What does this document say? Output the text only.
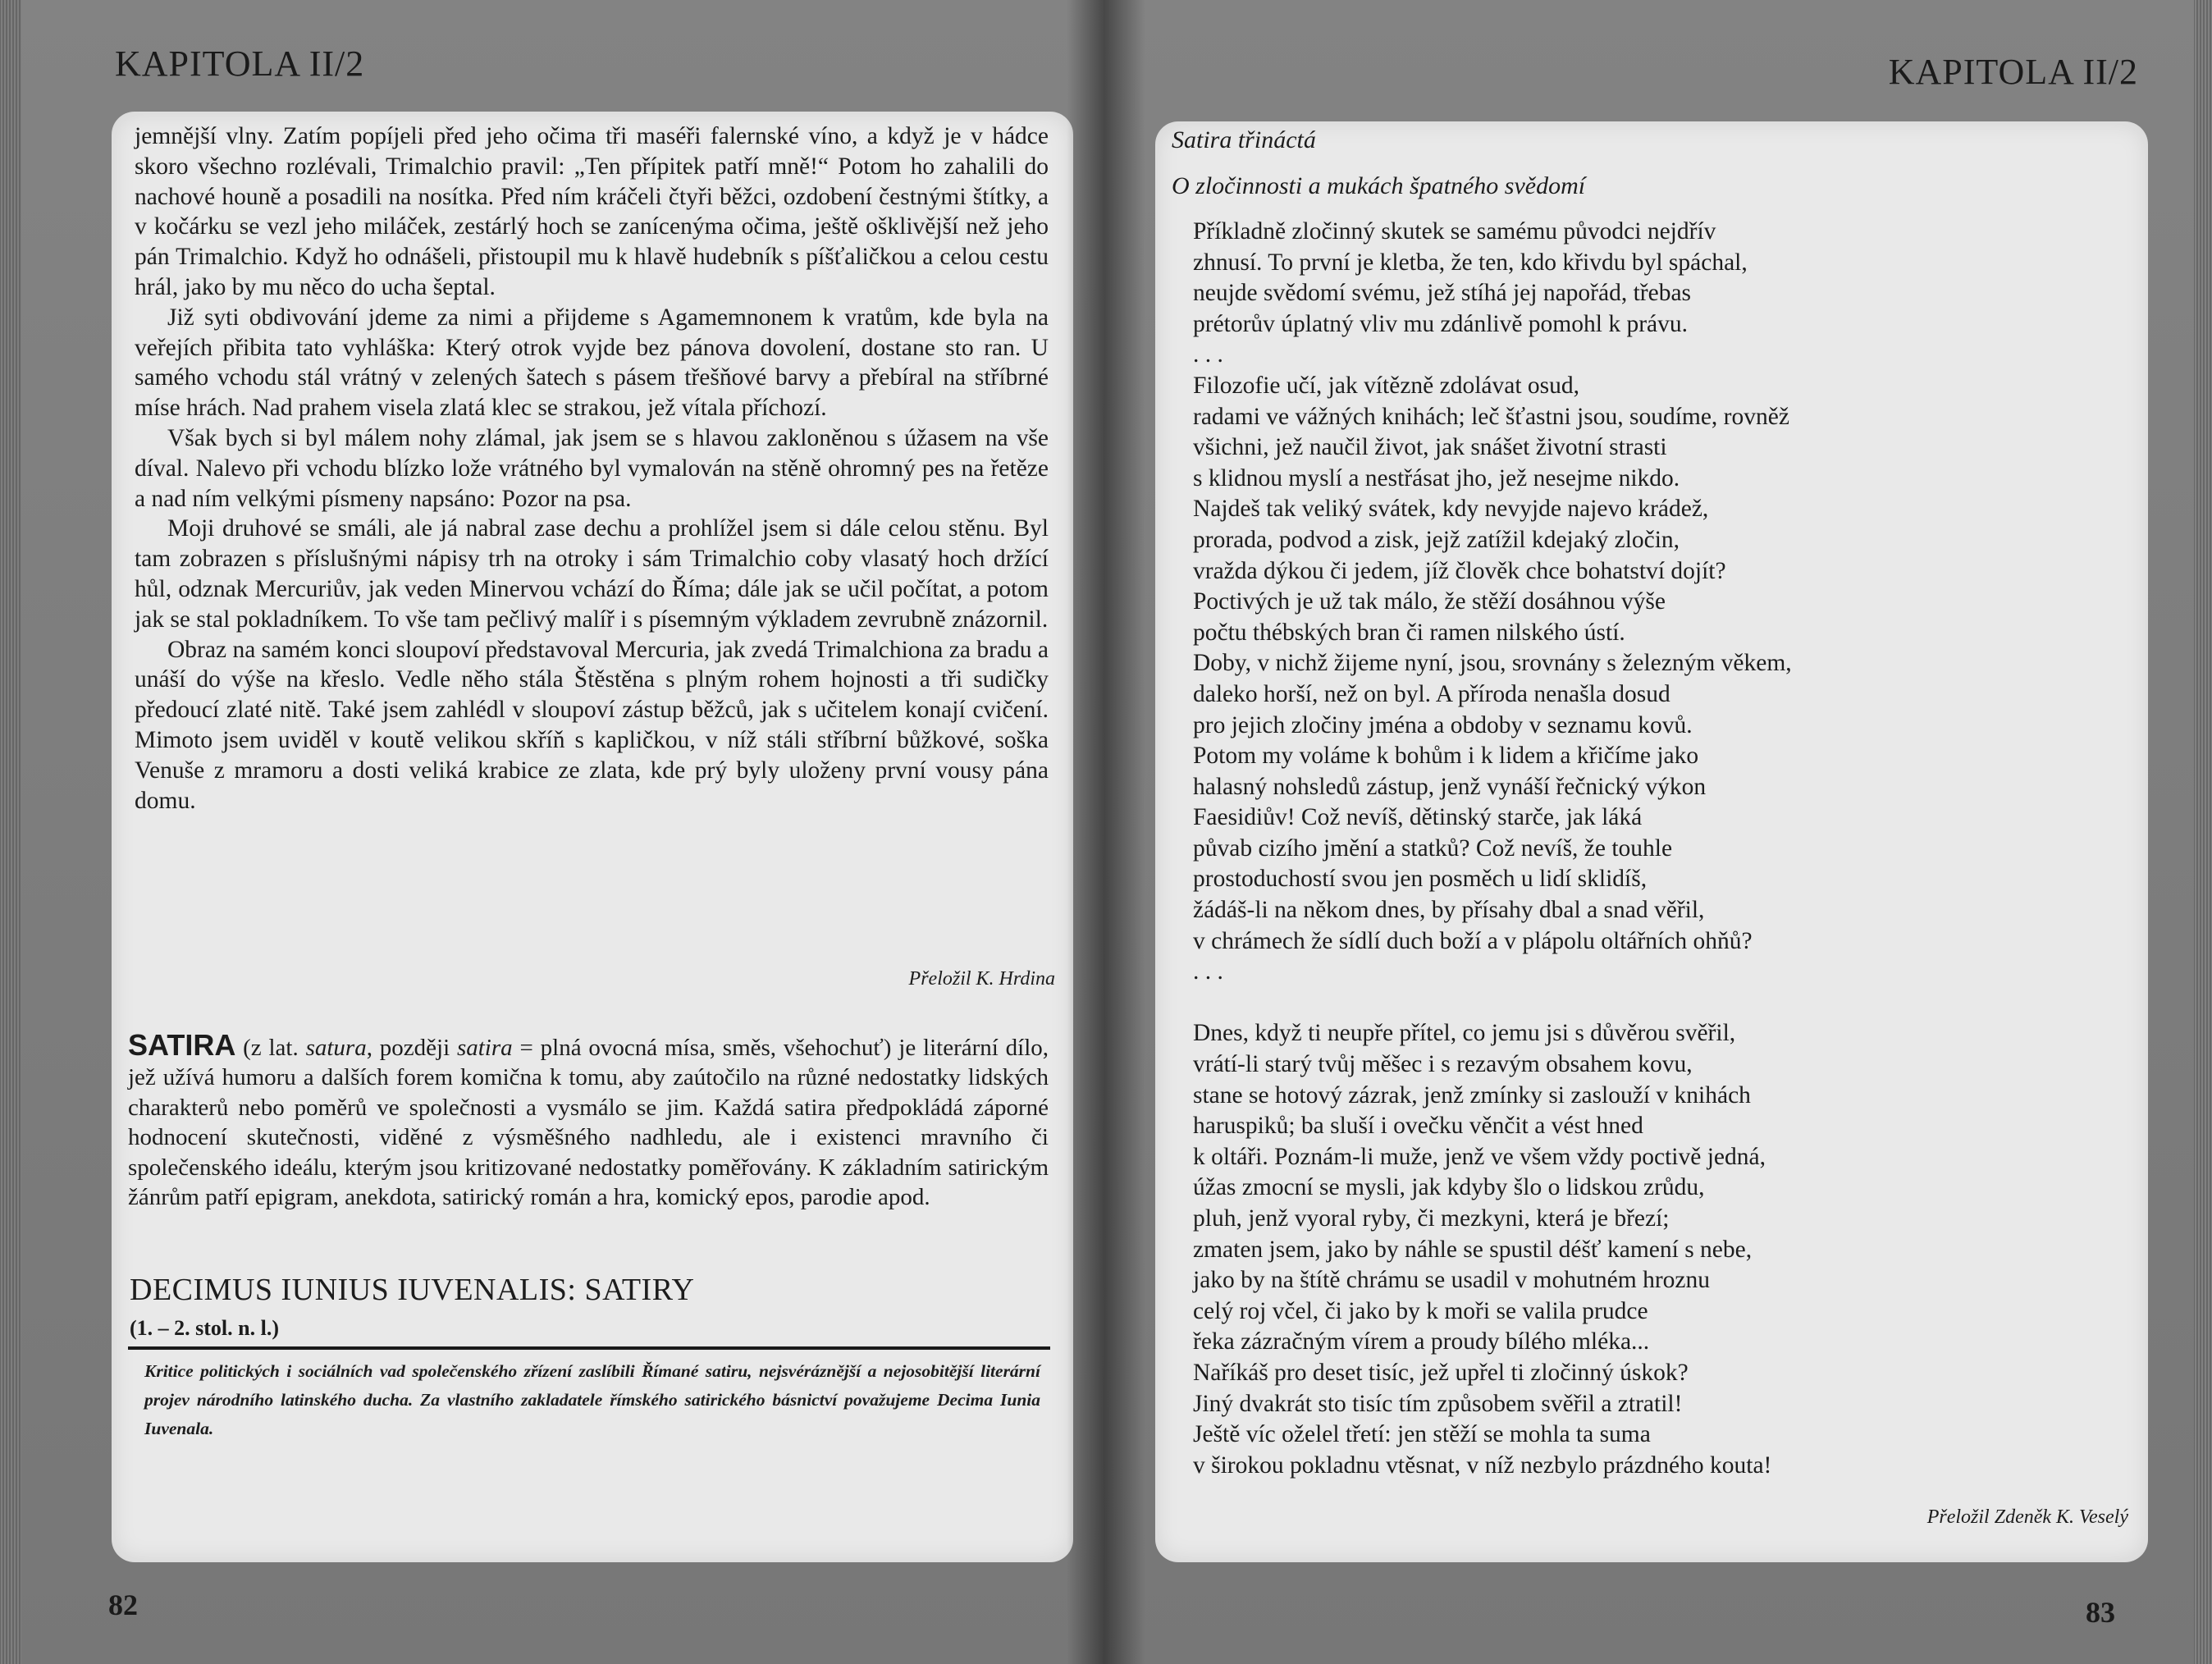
KAPITOLA II/2

jemnější vlny. Zatím popíjeli před jeho očima tři maséři falernské víno, a když je v hádce skoro všechno rozlévali, Trimalchio pravil: „Ten přípitek patří mně!“ Potom ho zahalili do nachové houně a posadili na nosítka. Před ním kráčeli čtyři běžci, ozdobení čestnými štítky, a v kočárku se vezl jeho miláček, zestárlý hoch se zanícenýma očima, ještě ošklivější než jeho pán Trimalchio. Když ho odnášeli, přistoupil mu k hlavě hudebník s píšťaličkou a celou cestu hrál, jako by mu něco do ucha šeptal.

Již syti obdivování jdeme za nimi a přijdeme s Agamemnonem k vratům, kde byla na veřejích přibita tato vyhláška: Který otrok vyjde bez pánova dovolení, dostane sto ran. U samého vchodu stál vrátný v zelených šatech s pásem třešňové barvy a přebíral na stříbrné míse hrách. Nad prahem visela zlatá klec se strakou, jež vítala příchozí.

Však bych si byl málem nohy zlámal, jak jsem se s hlavou zakloněnou s úžasem na vše díval. Nalevo při vchodu blízko lože vrátného byl vymalován na stěně ohromný pes na řetěze a nad ním velkými písmeny napsáno: Pozor na psa.

Moji druhové se smáli, ale já nabral zase dechu a prohlížel jsem si dále celou stěnu. Byl tam zobrazen s příslušnými nápisy trh na otroky i sám Trimalchio coby vlasatý hoch držící hůl, odznak Mercuriův, jak veden Minervou vchází do Říma; dále jak se učil počítat, a potom jak se stal pokladníkem. To vše tam pečlivý malíř i s písemným výkladem zevrubně znázornil.

Obraz na samém konci sloupoví představoval Mercuria, jak zvedá Trimalchiona za bradu a unáší do výše na křeslo. Vedle něho stála Štěstěna s plným rohem hojnosti a tři sudičky předoucí zlaté nitě. Také jsem zahlédl v sloupoví zástup běžců, jak s učitelem konají cvičení. Mimoto jsem uviděl v koutě velikou skříň s kapličkou, v níž stáli stříbrní bůžkové, soška Venuše z mramoru a dosti veliká krabice ze zlata, kde prý byly uloženy první vousy pána domu.

Přeložil K. Hrdina
SATIRA (z lat. satura, později satira = plná ovocná mísa, směs, všehochuť) je literární dílo, jež užívá humoru a dalších forem komična k tomu, aby zaútočilo na různé nedostatky lidských charakterů nebo poměrů ve společnosti a vysmálo se jim. Každá satira předpokládá záporné hodnocení skutečnosti, viděné z výsměšného nadhledu, ale i existenci mravního či společenského ideálu, kterým jsou kritizované nedostatky poměřovány. K základním satirickým žánrům patří epigram, anekdota, satirický román a hra, komický epos, parodie apod.
DECIMUS IUNIUS IUVENALIS: SATIRY
(1. – 2. stol. n. l.)
Kritice politických i sociálních vad společenského zřízení zaslíbili Římané satiru, nejsvéráznější a nejosobitější literární projev národního latinského ducha. Za vlastního zakladatele římského satirického básnictví považujeme Decima Iunia Iuvenala.
82
KAPITOLA II/2
Satira třináctá
O zločinnosti a mukách špatného svědomí
Příkladně zločinný skutek se samému původci nejdřív
zhnusí. To první je kletba, že ten, kdo křivdu byl spáchal,
neujde svědomí svému, jež stíhá jej napořád, třebas
prétorův úplatný vliv mu zdánlivě pomohl k právu.
. . .
Filozofie učí, jak vítězně zdolávat osud,
radami ve vážných knihách; leč šťastni jsou, soudíme, rovněž
všichni, jež naučil život, jak snášet životní strasti
s klidnou myslí a nestřásat jho, jež nesejme nikdo.
Najdeš tak veliký svátek, kdy nevyjde najevo krádež,
prorada, podvod a zisk, jejž zatížil kdejaký zločin,
vražda dýkou či jedem, jíž člověk chce bohatství dojít?
Poctivých je už tak málo, že stěží dosáhnou výše
počtu thébských bran či ramen nilského ústí.
Doby, v nichž žijeme nyní, jsou, srovnány s železným věkem,
daleko horší, než on byl. A příroda nenašla dosud
pro jejich zločiny jména a obdoby v seznamu kovů.
Potom my voláme k bohům i k lidem a křičíme jako
halasný nohsledů zástup, jenž vynáší řečnický výkon
Faesidiův! Což nevíš, dětinský starče, jak láká
půvab cizího jmění a statků? Což nevíš, že touhle
prostoduchostí svou jen posměch u lidí sklidíš,
žádáš-li na někom dnes, by přísahy dbal a snad věřil,
v chrámech že sídlí duch boží a v plápolu oltářních ohňů?
. . .
Dnes, když ti neupře přítel, co jemu jsi s důvěrou svěřil,
vrátí-li starý tvůj měšec i s rezavým obsahem kovu,
stane se hotový zázrak, jenž zmínky si zaslouží v knihách
haruspiků; ba sluší i ovečku věnčit a vést hned
k oltáři. Poznám-li muže, jenž ve všem vždy poctivě jedná,
úžas zmocní se mysli, jak kdyby šlo o lidskou zrůdu,
pluh, jenž vyoral ryby, či mezkyni, která je březí;
zmaten jsem, jako by náhle se spustil déšť kamení s nebe,
jako by na štítě chrámu se usadil v mohutném hroznu
celý roj včel, či jako by k moři se valila prudce
řeka zázračným vírem a proudy bílého mléka...
Naříkáš pro deset tisíc, jež upřel ti zločinný úskok?
Jiný dvakrát sto tisíc tím způsobem svěřil a ztratil!
Ještě víc oželel třetí: jen stěží se mohla ta suma
v širokou pokladnu vtěsnat, v níž nezbylo prázdného kouta!
Přeložil Zdeněk K. Veselý
83
